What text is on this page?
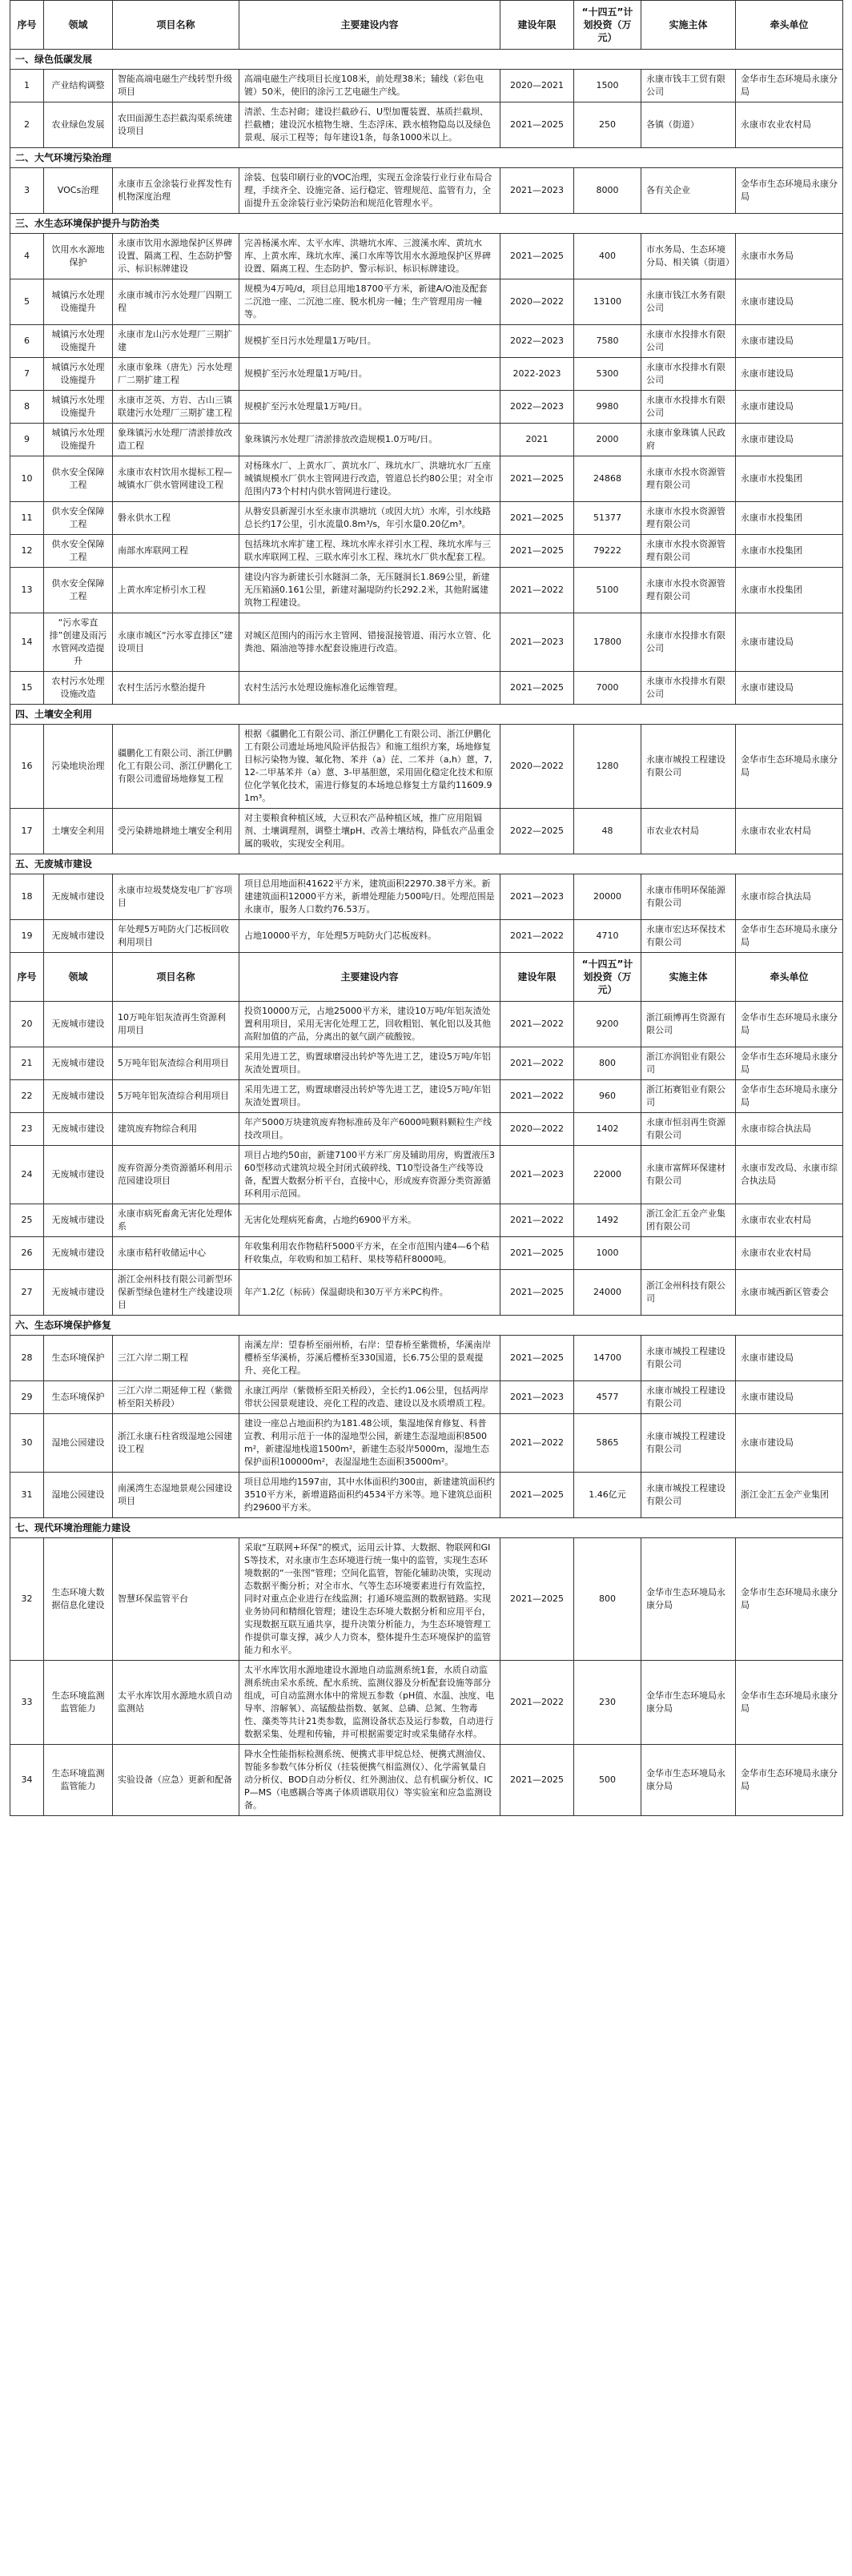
序号	领域	项目名称	主要建设内容	建设年限	“十四五”计划投资（万元）	实施主体	牵头单位
一、绿色低碳发展							
1	产业结构调整	智能高端电磁生产线转型升级项目	高端电磁生产线项目长度108米，前处理38米；辅线（彩色电镀）50米，使旧的涂污工艺电磁生产线。	2020—2021	1500	永康市钱丰工贸有限公司	金华市生态环境局永康分局
2	农业绿色发展	农田面源生态拦截沟渠系统建设项目	清淤、生态衬砌；建设拦截砂石、U型加覆装置、基质拦截坝、拦截槽；建设沉水植物生塘、生态浮床、跌水植物隐岛以及绿色景观、展示工程等；每年建设1条，每条1000米以上。	2021—2025	250	各镇（街道）	永康市农业农村局
二、大气环境污染治理							
3	VOCs治理	永康市五金涂装行业挥发性有机物深度治理	涂装、包装印刷行业的VOC治理，实现五金涂装行业行业布局合理，手续齐全、设施完备、运行稳定、管理规范、监管有力，全面提升五金涂装行业污染防治和规范化管理水平。	2021—2023	8000	各有关企业	金华市生态环境局永康分局
三、水生态环境保护提升与防治类							
4	饮用水水源地保护	永康市饮用水源地保护区界碑设置、隔离工程、生态防护警示、标识标牌建设	完善杨溪水库、太平水库、洪塘坑水库、三渡溪水库、黄坑水库、上黄水库、珠坑水库、溪口水库等饮用水水源地保护区界碑设置、隔离工程、生态防护、警示标识、标识标牌建设。	2021—2025	400	市水务局、生态环境分局、相关镇（街道）	永康市水务局
5	城镇污水处理设施提升	永康市城市污水处理厂四期工程	规模为4万吨/d，项目总用地18700平方米，新建A/O池及配套二沉池一座、二沉池二座、脱水机房一幢；生产管理用房一幢等。	2020—2022	13100	永康市钱江水务有限公司	永康市建设局
6	城镇污水处理设施提升	永康市龙山污水处理厂三期扩建	规模扩至日污水处理量1万吨/日。	2022—2023	7580	永康市水投排水有限公司	永康市建设局
7	城镇污水处理设施提升	永康市象珠（唐先）污水处理厂二期扩建工程	规模扩至污水处理量1万吨/日。	2022-2023	5300	永康市水投排水有限公司	永康市建设局
8	城镇污水处理设施提升	永康市芝英、方岩、古山三镇联建污水处理厂三期扩建工程	规模扩至污水处理量1万吨/日。	2022—2023	9980	永康市水投排水有限公司	永康市建设局
9	城镇污水处理设施提升	象珠镇污水处理厂清淤排放改造工程	象珠镇污水处理厂清淤排放改造规模1.0万吨/日。	2021	2000	永康市象珠镇人民政府	永康市建设局
10	供水安全保障工程	永康市农村饮用水提标工程—城镇水厂供水管网建设工程	对杨珠水厂、上黄水厂、黄坑水厂、珠坑水厂、洪塘坑水厂五座城镇规模水厂供水主管网进行改造，管道总长约80公里；对全市范围内73个村村内供水管网进行建设。	2021—2025	24868	永康市水投水资源管理有限公司	永康市水投集团
11	供水安全保障工程	磐永供水工程	从磐安县新渥引水至永康市洪塘坑（或因大坑）水库，引水线路总长约17公里，引水流量0.8m³/s，年引水量0.20亿m³。	2021—2025	51377	永康市水投水资源管理有限公司	永康市水投集团
12	供水安全保障工程	南部水库联网工程	包括珠坑水库扩建工程、珠坑水库永祥引水工程、珠坑水库与三联水库联网工程、三联水库引水工程、珠坑水厂供水配套工程。	2021—2025	79222	永康市水投水资源管理有限公司	永康市水投集团
13	供水安全保障工程	上黄水库定桥引水工程	建设内容为新建长引水隧洞二条，无压隧洞长1.869公里，新建无压箱涵0.161公里，新建对漏堤防约长292.2米，其他附属建筑物工程建设。	2021—2022	5100	永康市水投水资源管理有限公司	永康市水投集团
14	“污水零直排”创建及雨污水管网改造提升	永康市城区“污水零直排区”建设项目	对城区范围内的雨污水主管网、错接混接管道、雨污水立管、化粪池、隔油池等排水配套设施进行改造。	2021—2023	17800	永康市水投排水有限公司	永康市建设局
15	农村污水处理设施改造	农村生活污水整治提升	农村生活污水处理设施标准化运维管理。	2021—2025	7000	永康市水投排水有限公司	永康市建设局
四、土壤安全利用							
16	污染地块治理	疆鹏化工有限公司、浙江伊鹏化工有限公司、浙江伊鹏化工有限公司遗留场地修复工程	根据《疆鹏化工有限公司、浙江伊鹏化工有限公司、浙江伊鹏化工有限公司遗址场地风险评估报告》和施工组织方案，场地修复目标污染物为镍、氟化物、苯并（a）芘、二苯并（a,h）蒽，7,12-二甲基苯并（a）蒽、3-甲基胆蒽，采用固化稳定化技术和原位化学氧化技术，需进行修复的本场地总修复土方量约11609.91m³。	2020—2022	1280	永康市城投工程建设有限公司	金华市生态环境局永康分局
17	土壤安全利用	受污染耕地耕地土壤安全利用	对主要粮食种植区域，大豆积农产品种植区域，推广应用阻镉剂、土壤调理剂，调整土壤pH、改善土壤结构，降低农产品重金属的吸收，实现安全利用。	2022—2025	48	市农业农村局	永康市农业农村局
五、无废城市建设							
18	无废城市建设	永康市垃圾焚烧发电厂扩容项目	项目总用地面积41622平方米，建筑面积22970.38平方米。新建建筑面积12000平方米，新增处理能力500吨/日。处理范围是永康市，服务人口数约76.53万。	2021—2023	20000	永康市伟明环保能源有限公司	永康市综合执法局
19	无废城市建设	年处理5万吨防火门芯板回收利用项目	占地10000平方，年处理5万吨防火门芯板废料。	2021—2022	4710	永康市宏达环保技术有限公司	金华市生态环境局永康分局
序号	领域	项目名称	主要建设内容	建设年限	“十四五”计划投资（万元）	实施主体	牵头单位
20	无废城市建设	10万吨年铝灰渣再生资源利用项目	投资10000万元，占地25000平方米，建设10万吨/年铝灰渣处置利用项目，采用无害化处理工艺，回收粗铝、氧化铝以及其他高附加值的产品，分离出的氨气副产硫酸铵。	2021—2022	9200	浙江硕博再生资源有限公司	金华市生态环境局永康分局
21	无废城市建设	5万吨年铝灰渣综合利用项目	采用先进工艺，购置球磨浸出转炉等先进工艺，建设5万吨/年铝灰渣处置项目。	2021—2022	800	浙江亦润铝业有限公司	金华市生态环境局永康分局
22	无废城市建设	5万吨年铝灰渣综合利用项目	采用先进工艺，购置球磨浸出转炉等先进工艺，建设5万吨/年铝灰渣处置项目。	2021—2022	960	浙江拓赛铝业有限公司	金华市生态环境局永康分局
23	无废城市建设	建筑废弃物综合利用	年产5000万块建筑废弃物标准砖及年产6000吨颗料颗粒生产线技改项目。	2020—2022	1402	永康市恒羽再生资源有限公司	永康市综合执法局
24	无废城市建设	废弃资源分类资源循环利用示范园建设项目	项目占地约50亩，新建7100平方米厂房及辅助用房，购置液压360型移动式建筑垃圾全封闭式破碎线、T10型设备生产线等设备，配置大数据分析平台，直接中心，形成废弃资源分类资源循环利用示范园。	2021—2023	22000	永康市富辉环保建材有限公司	永康市发改局、永康市综合执法局
25	无废城市建设	永康市病死畜禽无害化处理体系	无害化处理病死畜禽，占地约6900平方米。	2021—2022	1492	浙江金汇五金产业集团有限公司	永康市农业农村局
26	无废城市建设	永康市秸秆收储运中心	年收集利用农作物秸秆5000平方米，在全市范围内建4—6个秸秆收集点，年收购和加工秸秆、果枝等秸秆8000吨。	2021—2025	1000		永康市农业农村局
27	无废城市建设	浙江金州科技有限公司新型环保新型绿色建材生产线建设项目	年产1.2亿（标砖）保温砌块和30万平方米PC构件。	2021—2025	24000	浙江金州科技有限公司	永康市城西新区管委会
六、生态环境保护修复							
28	生态环境保护	三江六岸二期工程	南溪左岸：望春桥至丽州桥，右岸：望春桥至紫微桥，华溪南岸樱桥至华溪桥，芬溪后樱桥至330国道，长6.75公里的景观提升、亮化工程。	2021—2025	14700	永康市城投工程建设有限公司	永康市建设局
29	生态环境保护	三江六岸二期延伸工程（紫微桥至阳关桥段）	永康江两岸（紫微桥至阳关桥段），全长约1.06公里，包括两岸带状公园景观建设、亮化工程的改造、建设以及水质增质工程。	2021—2023	4577	永康市城投工程建设有限公司	永康市建设局
30	湿地公园建设	浙江永康石柱省级湿地公园建设工程	建设一座总占地面积约为181.48公顷，集湿地保育修复、科普宣教、利用示范于一体的湿地型公园，新建生态湿地面积8500m²，新建湿地栈道1500m²，新建生态驳岸5000m，湿地生态保护面积100000m²，表湿湿地生态面积35000m²。	2021—2022	5865	永康市城投工程建设有限公司	永康市建设局
31	湿地公园建设	南溪湾生态湿地景观公园建设项目	项目总用地约1597亩，其中水体面积约300亩，新建建筑面积约3510平方米，新增道路面积约4534平方米等。地下建筑总面积约29600平方米。	2021—2025	1.46亿元	永康市城投工程建设有限公司	浙江金汇五金产业集团
七、现代环境治理能力建设							
32	生态环境大数据信息化建设	智慧环保监管平台	采取“互联网+环保”的模式，运用云计算、大数据、物联网和GIS等技术，对永康市生态环境进行统一集中的监管，实现生态环境数据的“一张图”管理；空间化监管，智能化辅助决策，实现动态数据平衡分析；对全市水、气等生态环境要素进行有效监控，同时对重点企业进行在线监测；打通环境监测的数据链路。实现业务协同和精细化管理；建设生态环境大数据分析和应用平台，实现数据互联互通共享，提升决策分析能力，为生态环境管理工作提供可靠支撑，减少人力资本，整体提升生态环境保护的监管能力和水平。	2021—2025	800	金华市生态环境局永康分局	金华市生态环境局永康分局
33	生态环境监测监管能力	太平水库饮用水源地水质自动监测站	太平水库饮用水源地建设水源地自动监测系统1套，水质自动监测系统由采水系统、配水系统、监测仪器及分析配套设施等部分组成，可自动监测水体中的常规五参数（pH值、水温、浊度、电导率、溶解氧）、高锰酸盐指数、氨氮、总磷、总氮、生物毒性、藻类等共计21类参数，监测设备状态及运行参数，自动进行数据采集、处理和传输，并可根据需要定时或采集储存水样。	2021—2022	230	金华市生态环境局永康分局	金华市生态环境局永康分局
34	生态环境监测监管能力	实验设备（应急）更新和配备	降水全性能指标检测系统、便携式非甲烷总烃、便携式测油仪、智能多参数气体分析仪（挂装便携气相监测仪）、化学需氧量自动分析仪、BOD自动分析仪、红外测油仪、总有机碳分析仪、ICP—MS（电感耦合等离子体质谱联用仪）等实验室和应急监测设备。	2021—2025	500	金华市生态环境局永康分局	金华市生态环境局永康分局
